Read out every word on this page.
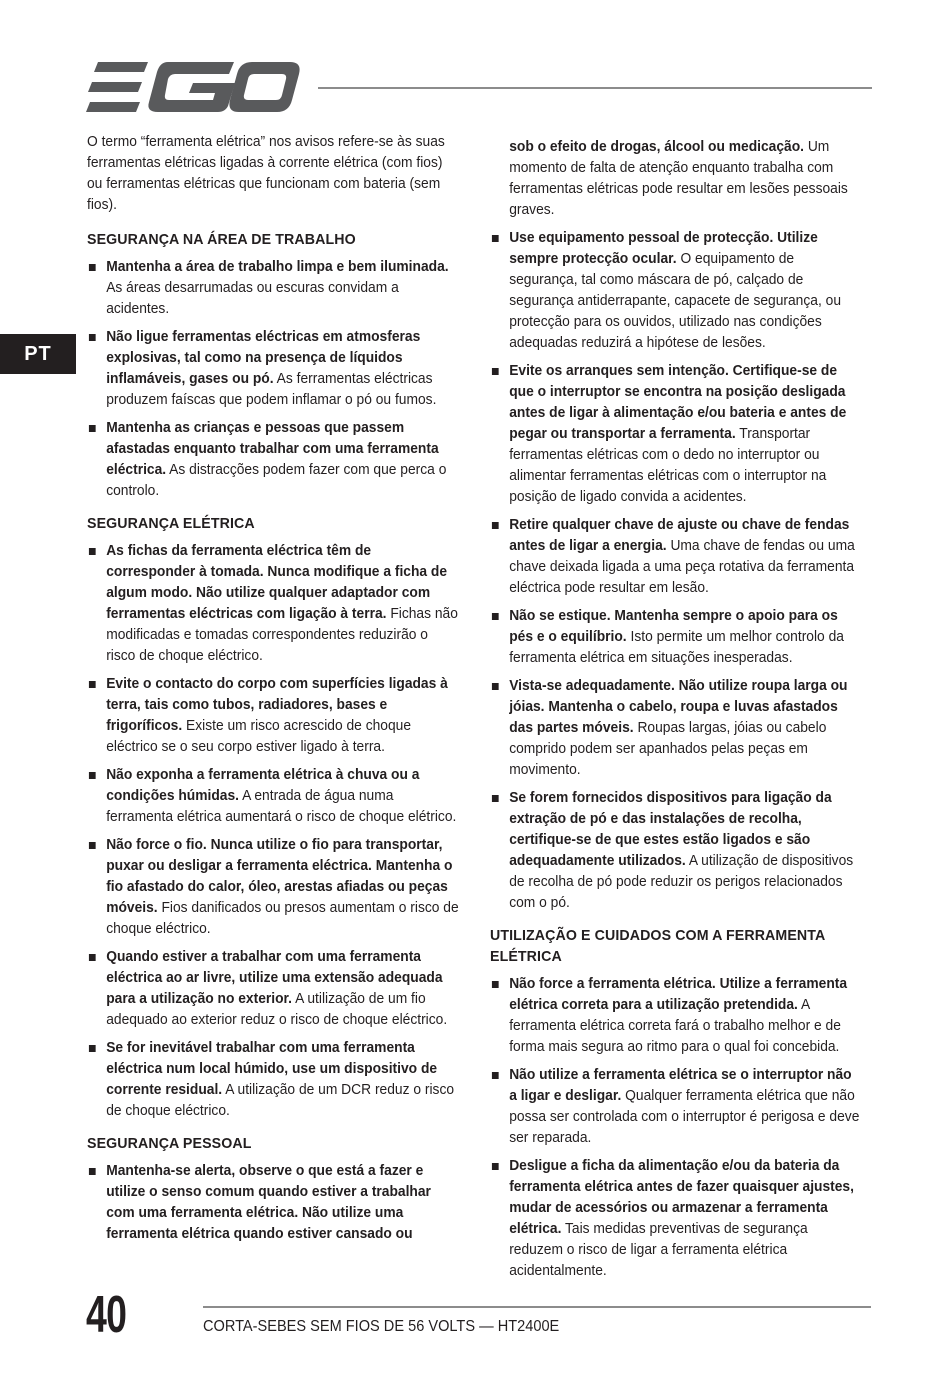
PT

O termo “ferramenta elétrica” nos avisos refere-se às suas ferramentas elétricas ligadas à corrente elétrica (com fios) ou ferramentas elétricas que funcionam com bateria (sem fios).

SEGURANÇA NA ÁREA DE TRABALHO
Mantenha a área de trabalho limpa e bem iluminada. As áreas desarrumadas ou escuras convidam a acidentes.
Não ligue ferramentas eléctricas em atmosferas explosivas, tal como na presença de líquidos inflamáveis, gases ou pó. As ferramentas eléctricas produzem faíscas que podem inflamar o pó ou fumos.
Mantenha as crianças e pessoas que passem afastadas enquanto trabalhar com uma ferramenta eléctrica. As distracções podem fazer com que perca o controlo.
SEGURANÇA ELÉTRICA
As fichas da ferramenta eléctrica têm de corresponder à tomada. Nunca modifique a ficha de algum modo. Não utilize qualquer adaptador com ferramentas eléctricas com ligação à terra. Fichas não modificadas e tomadas correspondentes reduzirão o risco de choque eléctrico.
Evite o contacto do corpo com superfícies ligadas à terra, tais como tubos, radiadores, bases e frigoríficos. Existe um risco acrescido de choque eléctrico se o seu corpo estiver ligado à terra.
Não exponha a ferramenta elétrica à chuva ou a condições húmidas. A entrada de água numa ferramenta elétrica aumentará o risco de choque elétrico.
Não force o fio. Nunca utilize o fio para transportar, puxar ou desligar a ferramenta eléctrica. Mantenha o fio afastado do calor, óleo, arestas afiadas ou peças móveis. Fios danificados ou presos aumentam o risco de choque eléctrico.
Quando estiver a trabalhar com uma ferramenta eléctrica ao ar livre, utilize uma extensão adequada para a utilização no exterior. A utilização de um fio adequado ao exterior reduz o risco de choque eléctrico.
Se for inevitável trabalhar com uma ferramenta eléctrica num local húmido, use um dispositivo de corrente residual. A utilização de um DCR reduz o risco de choque eléctrico.
SEGURANÇA PESSOAL
Mantenha-se alerta, observe o que está a fazer e utilize o senso comum quando estiver a trabalhar com uma ferramenta elétrica. Não utilize uma ferramenta elétrica quando estiver cansado ou

sob o efeito de drogas, álcool ou medicação. Um momento de falta de atenção enquanto trabalha com ferramentas elétricas pode resultar em lesões pessoais graves.

Use equipamento pessoal de protecção. Utilize sempre protecção ocular. O equipamento de segurança, tal como máscara de pó, calçado de segurança antiderrapante, capacete de segurança, ou protecção para os ouvidos, utilizado nas condições adequadas reduzirá a hipótese de lesões.
Evite os arranques sem intenção. Certifique-se de que o interruptor se encontra na posição desligada antes de ligar à alimentação e/ou bateria e antes de pegar ou transportar a ferramenta. Transportar ferramentas elétricas com o dedo no interruptor ou alimentar ferramentas elétricas com o interruptor na posição de ligado convida a acidentes.
Retire qualquer chave de ajuste ou chave de fendas antes de ligar a energia. Uma chave de fendas ou uma chave deixada ligada a uma peça rotativa da ferramenta eléctrica pode resultar em lesão.
Não se estique. Mantenha sempre o apoio para os pés e o equilíbrio. Isto permite um melhor controlo da ferramenta elétrica em situações inesperadas.
Vista-se adequadamente. Não utilize roupa larga ou jóias. Mantenha o cabelo, roupa e luvas afastados das partes móveis. Roupas largas, jóias ou cabelo comprido podem ser apanhados pelas peças em movimento.
Se forem fornecidos dispositivos para ligação da extração de pó e das instalações de recolha, certifique-se de que estes estão ligados e são adequadamente utilizados. A utilização de dispositivos de recolha de pó pode reduzir os perigos relacionados com o pó.
UTILIZAÇÃO E CUIDADOS COM A FERRAMENTA ELÉTRICA
Não force a ferramenta elétrica. Utilize a ferramenta elétrica correta para a utilização pretendida. A ferramenta elétrica correta fará o trabalho melhor e de forma mais segura ao ritmo para o qual foi concebida.
Não utilize a ferramenta elétrica se o interruptor não a ligar e desligar. Qualquer ferramenta elétrica que não possa ser controlada com o interruptor é perigosa e deve ser reparada.
Desligue a ficha da alimentação e/ou da bateria da ferramenta elétrica antes de fazer quaisquer ajustes, mudar de acessórios ou armazenar a ferramenta elétrica. Tais medidas preventivas de segurança reduzem o risco de ligar a ferramenta elétrica acidentalmente.
40	CORTA-SEBES SEM FIOS DE 56 VOLTS — HT2400E
